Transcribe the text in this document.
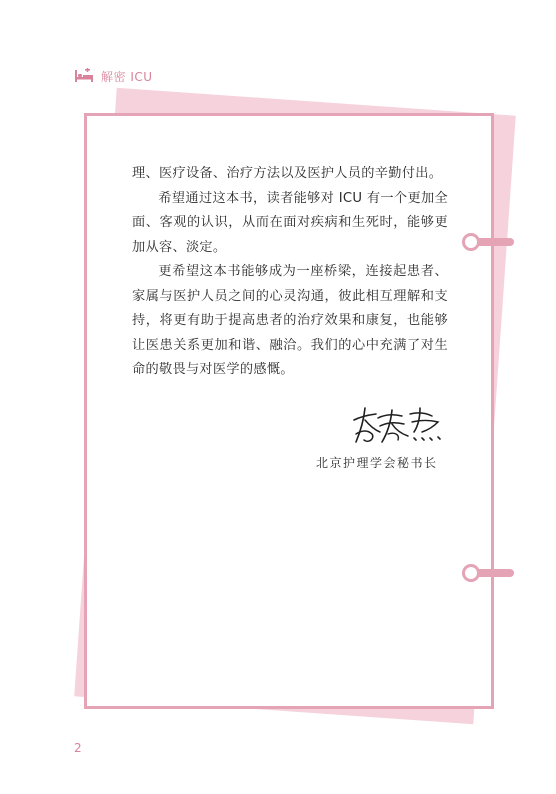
解密 ICU

理、医疗设备、治疗方法以及医护人员的辛勤付出。

希望通过这本书，读者能够对 ICU 有一个更加全面、客观的认识，从而在面对疾病和生死时，能够更加从容、淡定。

更希望这本书能够成为一座桥梁，连接起患者、家属与医护人员之间的心灵沟通，彼此相互理解和支持，将更有助于提高患者的治疗效果和康复，也能够让医患关系更加和谐、融洽。我们的心中充满了对生命的敬畏与对医学的感慨。

北京护理学会秘书长
2
